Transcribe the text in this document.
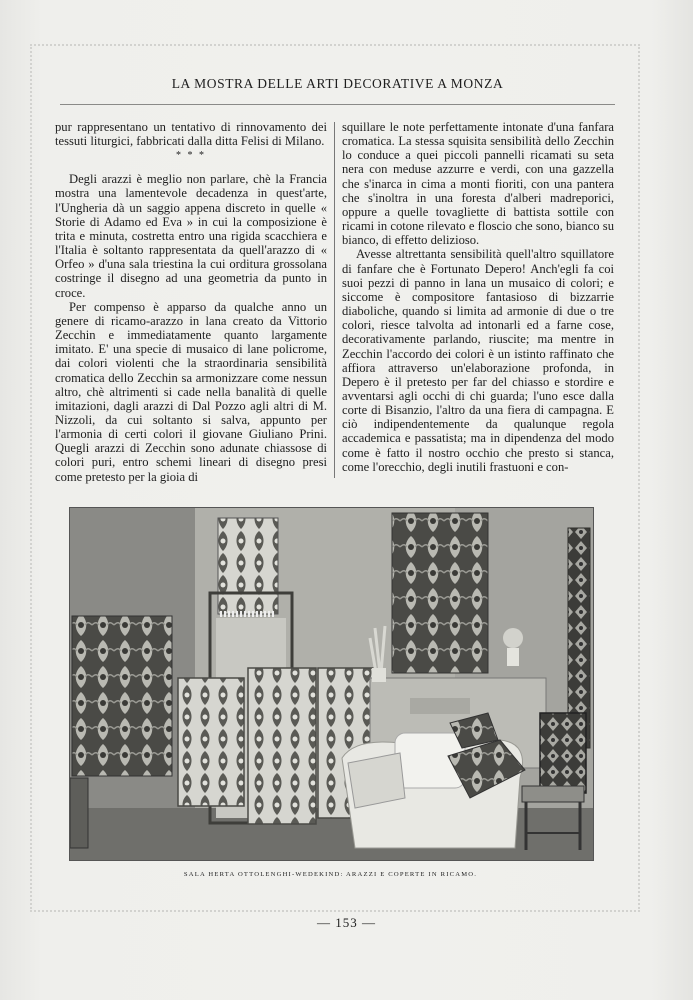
LA MOSTRA DELLE ARTI DECORATIVE A MONZA

pur rappresentano un tentativo di rinnovamento dei tessuti liturgici, fabbricati dalla ditta Felisi di Milano.

* * *

Degli arazzi è meglio non parlare, chè la Francia mostra una lamentevole decadenza in quest'arte, l'Ungheria dà un saggio appena discreto in quelle « Storie di Adamo ed Eva » in cui la composizione è trita e minuta, costretta entro una rigida scacchiera e l'Italia è soltanto rappresentata da quell'arazzo di « Orfeo » d'una sala triestina la cui orditura grossolana costringe il disegno ad una geometria da punto in croce.

Per compenso è apparso da qualche anno un genere di ricamo-arazzo in lana creato da Vittorio Zecchin e immediatamente quanto largamente imitato. E' una specie di musaico di lane policrome, dai colori violenti che la straordinaria sensibilità cromatica dello Zecchin sa armonizzare come nessun altro, chè altrimenti si cade nella banalità di quelle imitazioni, dagli arazzi di Dal Pozzo agli altri di M. Nizzoli, da cui soltanto si salva, appunto per l'armonia di certi colori il giovane Giuliano Prini. Quegli arazzi di Zecchin sono adunate chiassose di colori puri, entro schemi lineari di disegno presi come pretesto per la gioia di

squillare le note perfettamente intonate d'una fanfara cromatica. La stessa squisita sensibilità dello Zecchin lo conduce a quei piccoli pannelli ricamati su seta nera con meduse azzurre e verdi, con una gazzella che s'inarca in cima a monti fioriti, con una pantera che s'inoltra in una foresta d'alberi madreporici, oppure a quelle tovagliette di battista sottile con ricami in cotone rilevato e floscio che sono, bianco su bianco, di effetto delizioso.

Avesse altrettanta sensibilità quell'altro squillatore di fanfare che è Fortunato Depero! Anch'egli fa coi suoi pezzi di panno in lana un musaico di colori; e siccome è compositore fantasioso di bizzarrie diaboliche, quando si limita ad armonie di due o tre colori, riesce talvolta ad intonarli ed a farne cose, decorativamente parlando, riuscite; ma mentre in Zecchin l'accordo dei colori è un istinto raffinato che affiora attraverso un'elaborazione profonda, in Depero è il pretesto per far del chiasso e stordire e avventarsi agli occhi di chi guarda; l'uno esce dalla corte di Bisanzio, l'altro da una fiera di campagna. E ciò indipendentemente da qualunque regola accademica e passatista; ma in dipendenza del modo come è fatto il nostro occhio che presto si stanca, come l'orecchio, degli inutili frastuoni e con-

SALA HERTA OTTOLENGHI-WEDEKIND: ARAZZI E COPERTE IN RICAMO.
— 153 —
